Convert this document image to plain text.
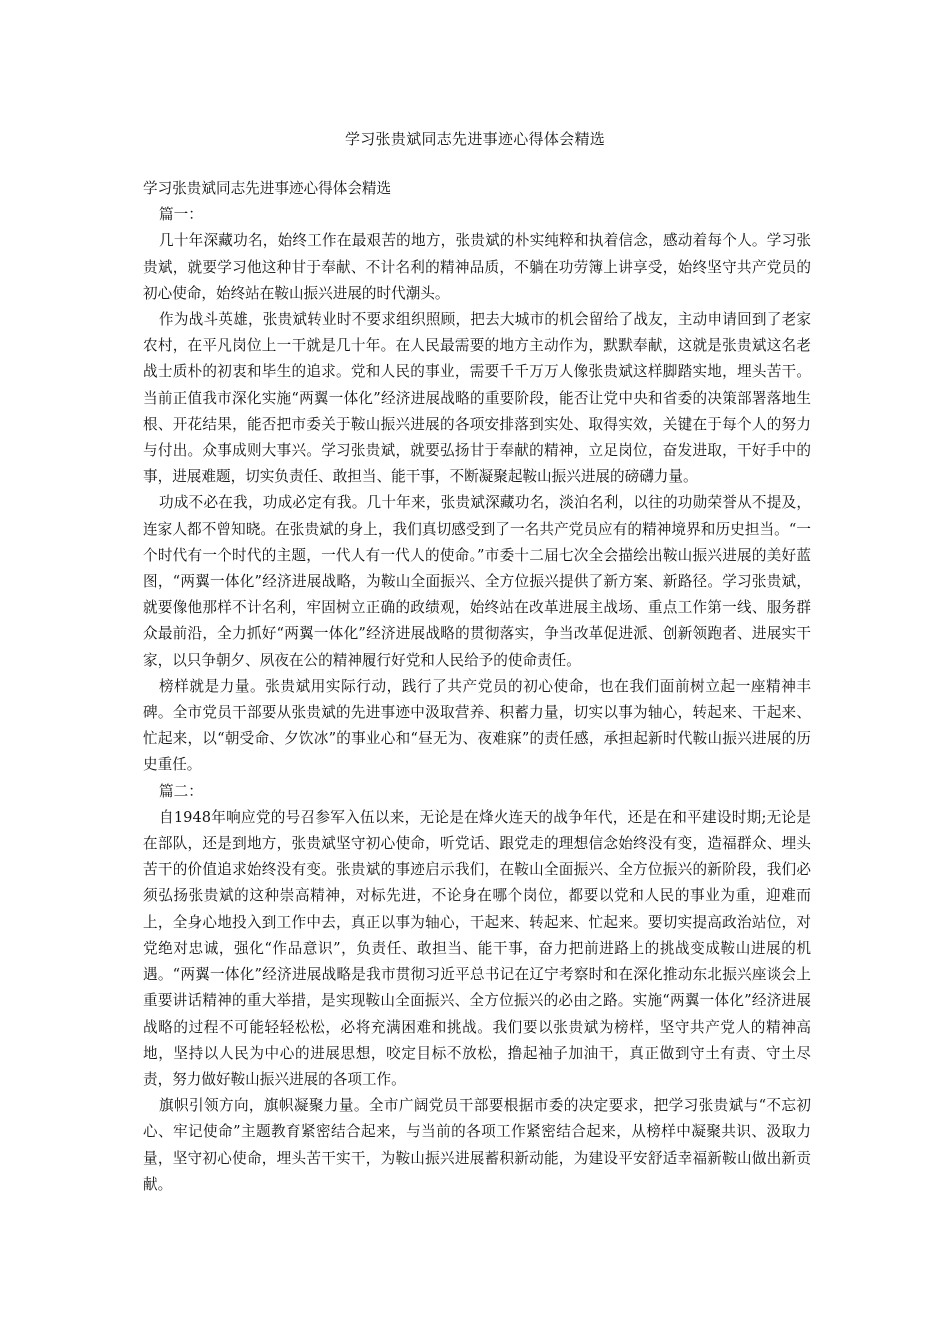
学习张贵斌同志先进事迹心得体会精选

学习张贵斌同志先进事迹心得体会精选

篇一：

几十年深藏功名，始终工作在最艰苦的地方，张贵斌的朴实纯粹和执着信念，感动着每个人。学习张贵斌，就要学习他这种甘于奉献、不计名利的精神品质，不躺在功劳簿上讲享受，始终坚守共产党员的初心使命，始终站在鞍山振兴进展的时代潮头。

作为战斗英雄，张贵斌转业时不要求组织照顾，把去大城市的机会留给了战友，主动申请回到了老家农村，在平凡岗位上一干就是几十年。在人民最需要的地方主动作为，默默奉献，这就是张贵斌这名老战士质朴的初衷和毕生的追求。党和人民的事业，需要千千万万人像张贵斌这样脚踏实地，埋头苦干。当前正值我市深化实施“两翼一体化”经济进展战略的重要阶段，能否让党中央和省委的决策部署落地生根、开花结果，能否把市委关于鞍山振兴进展的各项安排落到实处、取得实效，关键在于每个人的努力与付出。众事成则大事兴。学习张贵斌，就要弘扬甘于奉献的精神，立足岗位，奋发进取，干好手中的事，进展难题，切实负责任、敢担当、能干事，不断凝聚起鞍山振兴进展的磅礴力量。

功成不必在我，功成必定有我。几十年来，张贵斌深藏功名，淡泊名利，以往的功勋荣誉从不提及，连家人都不曾知晓。在张贵斌的身上，我们真切感受到了一名共产党员应有的精神境界和历史担当。“一个时代有一个时代的主题，一代人有一代人的使命。”市委十二届七次全会描绘出鞍山振兴进展的美好蓝图，“两翼一体化”经济进展战略，为鞍山全面振兴、全方位振兴提供了新方案、新路径。学习张贵斌，就要像他那样不计名利，牢固树立正确的政绩观，始终站在改革进展主战场、重点工作第一线、服务群众最前沿，全力抓好“两翼一体化”经济进展战略的贯彻落实，争当改革促进派、创新领跑者、进展实干家，以只争朝夕、夙夜在公的精神履行好党和人民给予的使命责任。

榜样就是力量。张贵斌用实际行动，践行了共产党员的初心使命，也在我们面前树立起一座精神丰碑。全市党员干部要从张贵斌的先进事迹中汲取营养、积蓄力量，切实以事为轴心，转起来、干起来、忙起来，以“朝受命、夕饮冰”的事业心和“昼无为、夜难寐”的责任感，承担起新时代鞍山振兴进展的历史重任。

篇二：

自1948年响应党的号召参军入伍以来，无论是在烽火连天的战争年代，还是在和平建设时期;无论是在部队，还是到地方，张贵斌坚守初心使命，听党话、跟党走的理想信念始终没有变，造福群众、埋头苦干的价值追求始终没有变。张贵斌的事迹启示我们，在鞍山全面振兴、全方位振兴的新阶段，我们必须弘扬张贵斌的这种崇高精神，对标先进，不论身在哪个岗位，都要以党和人民的事业为重，迎难而上，全身心地投入到工作中去，真正以事为轴心，干起来、转起来、忙起来。要切实提高政治站位，对党绝对忠诚，强化“作品意识”，负责任、敢担当、能干事，奋力把前进路上的挑战变成鞍山进展的机遇。“两翼一体化”经济进展战略是我市贯彻习近平总书记在辽宁考察时和在深化推动东北振兴座谈会上重要讲话精神的重大举措，是实现鞍山全面振兴、全方位振兴的必由之路。实施“两翼一体化”经济进展战略的过程不可能轻轻松松，必将充满困难和挑战。我们要以张贵斌为榜样，坚守共产党人的精神高地，坚持以人民为中心的进展思想，咬定目标不放松，撸起袖子加油干，真正做到守土有责、守土尽责，努力做好鞍山振兴进展的各项工作。

旗帜引领方向，旗帜凝聚力量。全市广阔党员干部要根据市委的决定要求，把学习张贵斌与“不忘初心、牢记使命”主题教育紧密结合起来，与当前的各项工作紧密结合起来，从榜样中凝聚共识、汲取力量，坚守初心使命，埋头苦干实干，为鞍山振兴进展蓄积新动能，为建设平安舒适幸福新鞍山做出新贡献。
